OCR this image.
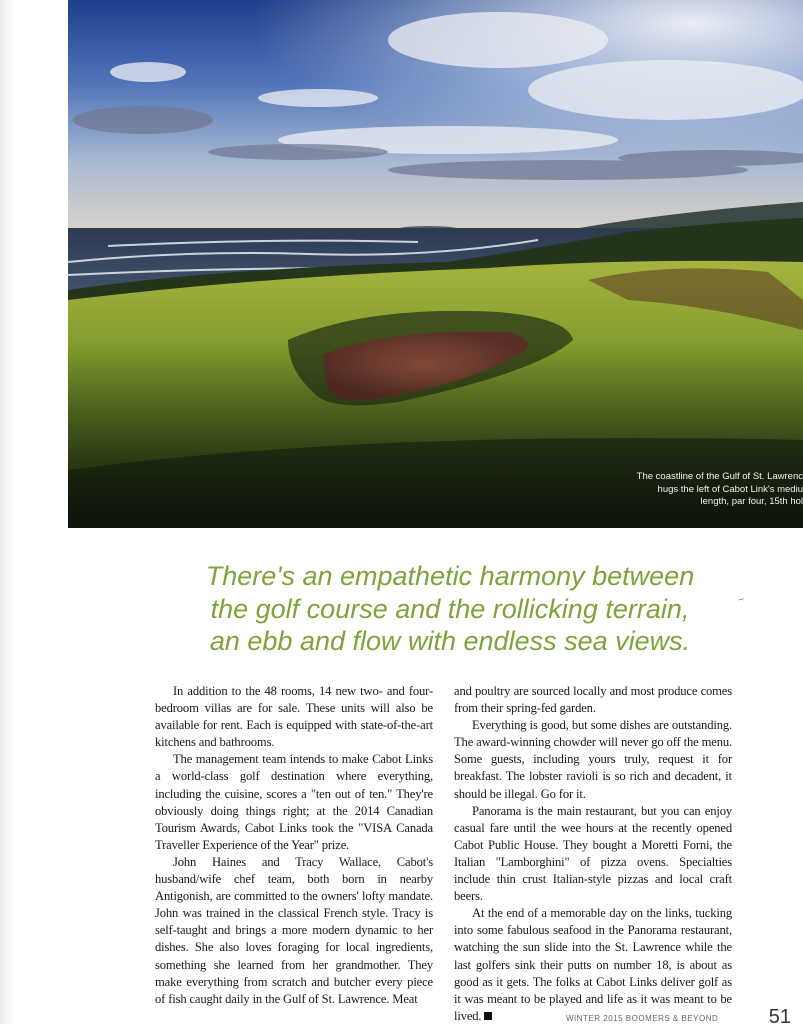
The coastline of the Gulf of St. Lawrenc
hugs the left of Cabot Link's mediu
length, par four, 15th hol
There's an empathetic harmony between
the golf course and the rollicking terrain,
an ebb and flow with endless sea views.
~

In addition to the 48 rooms, 14 new two- and four-bedroom villas are for sale. These units will also be available for rent. Each is equipped with state-of-the-art kitchens and bathrooms.

The management team intends to make Cabot Links a world-class golf destination where everything, including the cuisine, scores a "ten out of ten." They're obviously doing things right; at the 2014 Canadian Tourism Awards, Cabot Links took the "VISA Canada Traveller Experience of the Year" prize.

John Haines and Tracy Wallace, Cabot's husband/wife chef team, both born in nearby Antigonish, are committed to the owners' lofty mandate. John was trained in the classical French style. Tracy is self-taught and brings a more modern dynamic to her dishes. She also loves foraging for local ingredients, something she learned from her grandmother. They make everything from scratch and butcher every piece of fish caught daily in the Gulf of St. Lawrence. Meat

and poultry are sourced locally and most produce comes from their spring-fed garden.

Everything is good, but some dishes are outstanding. The award-winning chowder will never go off the menu. Some guests, including yours truly, request it for breakfast. The lobster ravioli is so rich and decadent, it should be illegal. Go for it.

Panorama is the main restaurant, but you can enjoy casual fare until the wee hours at the recently opened Cabot Public House. They bought a Moretti Forni, the Italian "Lamborghini" of pizza ovens. Specialties include thin crust Italian-style pizzas and local craft beers.

At the end of a memorable day on the links, tucking into some fabulous seafood in the Panorama restaurant, watching the sun slide into the St. Lawrence while the last golfers sink their putts on number 18, is about as good as it gets. The folks at Cabot Links deliver golf as it was meant to be played and life as it was meant to be lived.	WINTER 2015 BOOMERS & BEYOND	51
